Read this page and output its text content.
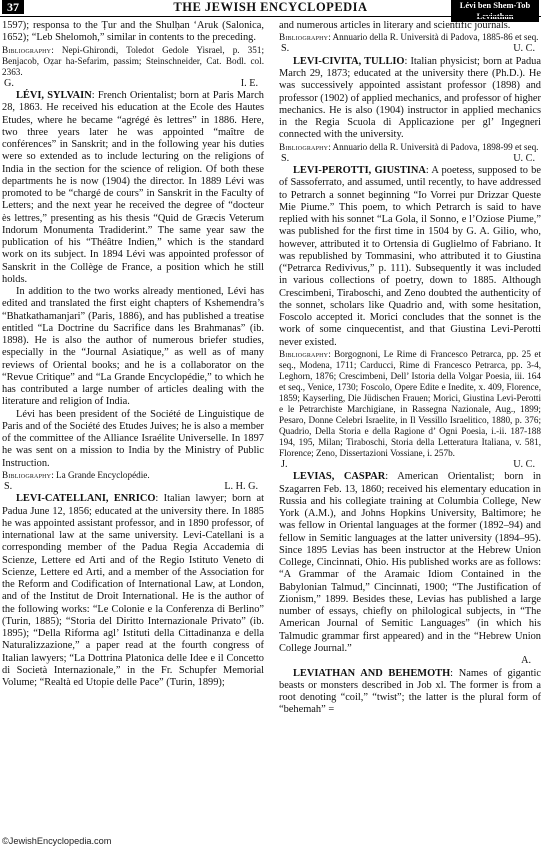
37	THE JEWISH ENCYCLOPEDIA	Lévi ben Shem-Tob
Leviathan

1597); responsa to the Ṭur and the Shulḥan ‘Aruk (Salonica, 1652); “Leb Shelomoh,” similar in contents to the preceding.

Bibliography: Nepi-Ghirondi, Toledot Gedole Yisrael, p. 351; Benjacob, Oẓar ha-Sefarim, passim; Steinschneider, Cat. Bodl. col. 2363.

G.	I. E.

LÉVI, SYLVAIN: French Orientalist; born at Paris March 28, 1863. He received his education at the Ecole des Hautes Etudes, where he became “agrégé ès lettres” in 1886. Here, two three years later he was appointed “maître de conférences” in Sanskrit; and in the following year his duties were so extended as to include lecturing on the religions of India in the section for the science of religion. Of both these departments he is now (1904) the director. In 1889 Lévi was promoted to be “chargé de cours” in Sanskrit in the Faculty of Letters; and the next year he received the degree of “docteur ès lettres,” presenting as his thesis “Quid de Græcis Veterum Indorum Monumenta Tradiderint.” The same year saw the publication of his “Théâtre Indien,” which is the standard work on its subject. In 1894 Lévi was appointed professor of Sanskrit in the Collège de France, a position which he still holds.

In addition to the two works already mentioned, Lévi has edited and translated the first eight chapters of Kshemendra’s “Bhatkathamanjari” (Paris, 1886), and has published a treatise entitled “La Doctrine du Sacrifice dans les Brahmanas” (ib. 1898). He is also the author of numerous briefer studies, especially in the “Journal Asiatique,” as well as of many reviews of Oriental books; and he is a collaborator on the “Revue Critique” and “La Grande Encyclopédie,” to which he has contributed a large number of articles dealing with the literature and religion of India.

Lévi has been president of the Société de Linguistique de Paris and of the Société des Etudes Juives; he is also a member of the committee of the Alliance Israélite Universelle. In 1897 he was sent on a mission to India by the Ministry of Public Instruction.

Bibliography: La Grande Encyclopédie.

S.	L. H. G.

LEVI-CATELLANI, ENRICO: Italian lawyer; born at Padua June 12, 1856; educated at the university there. In 1885 he was appointed assistant professor, and in 1890 professor, of international law at the same university. Levi-Catellani is a corresponding member of the Padua Regia Accademia di Scienze, Lettere ed Arti and of the Regio Istituto Veneto di Scienze, Lettere ed Arti, and a member of the Association for the Reform and Codification of International Law, at London, and of the Institut de Droit International. He is the author of the following works: “Le Colonie e la Conferenza di Berlino” (Turin, 1885); “Storia del Diritto Internazionale Privato” (ib. 1895); “Della Riforma agl’ Istituti della Cittadinanza e della Naturalizzazione,” a paper read at the fourth congress of Italian lawyers; “La Dottrina Platonica delle Idee e il Concetto di Società Internazionale,” in the Fr. Schupfer Memorial Volume; “Realtà ed Utopie delle Pace” (Turin, 1899);

and numerous articles in literary and scientific journals.

Bibliography: Annuario della R. Università di Padova, 1885-86 et seq.

S.	U. C.

LEVI-CIVITA, TULLIO: Italian physicist; born at Padua March 29, 1873; educated at the university there (Ph.D.). He was successively appointed assistant professor (1898) and professor (1902) of applied mechanics, and professor of higher mechanics. He is also (1904) instructor in applied mechanics in the Regia Scuola di Applicazione per gl’ Ingegneri connected with the university.

Bibliography: Annuario della R. Università di Padova, 1898-99 et seq.

S.	U. C.

LEVI-PEROTTI, GIUSTINA: A poetess, supposed to be of Sassoferrato, and assumed, until recently, to have addressed to Petrarch a sonnet beginning “Io Vorrei pur Drizzar Queste Mie Piume.” This poem, to which Petrarch is said to have replied with his sonnet “La Gola, il Sonno, e l’Oziose Piume,” was published for the first time in 1504 by G. A. Gilio, who, however, attributed it to Ortensia di Guglielmo of Fabriano. It was republished by Tommasini, who attributed it to Giustina (“Petrarca Redivivus,” p. 111). Subsequently it was included in various collections of poetry, down to 1885. Although Crescimbeni, Tiraboschi, and Zeno doubted the authenticity of the sonnet, scholars like Quadrio and, with some hesitation, Foscolo accepted it. Morici concludes that the sonnet is the work of some cinquecentist, and that Giustina Levi-Perotti never existed.

Bibliography: Borgognoni, Le Rime di Francesco Petrarca, pp. 25 et seq., Modena, 1711; Carducci, Rime di Francesco Petrarca, pp. 3-4, Leghorn, 1876; Crescimbeni, Dell’ Istoria della Volgar Poesia, iii. 164 et seq., Venice, 1730; Foscolo, Opere Edite e Inedite, x. 409, Florence, 1859; Kayserling, Die Jüdischen Frauen; Morici, Giustina Levi-Perotti e le Petrarchiste Marchigiane, in Rassegna Nazionale, Aug., 1899; Pesaro, Donne Celebri Israelite, in Il Vessillo Israelitico, 1880, p. 376; Quadrio, Della Storia e della Ragione d’ Ogni Poesia, i.-ii. 187-188 194, 195, Milan; Tiraboschi, Storia della Letteratura Italiana, v. 581, Florence; Zeno, Dissertazioni Vossiane, i. 257b.

J.	U. C.

LEVIAS, CASPAR: American Orientalist; born in Szagarren Feb. 13, 1860; received his elementary education in Russia and his collegiate training at Columbia College, New York (A.M.), and Johns Hopkins University, Baltimore; he was fellow in Oriental languages at the former (1892–94) and fellow in Semitic languages at the latter university (1894–95). Since 1895 Levias has been instructor at the Hebrew Union College, Cincinnati, Ohio. His published works are as follows: “A Grammar of the Aramaic Idiom Contained in the Babylonian Talmud,” Cincinnati, 1900; “The Justification of Zionism,” 1899. Besides these, Levias has published a large number of essays, chiefly on philological subjects, in “The American Journal of Semitic Languages” (in which his Talmudic grammar first appeared) and in the “Hebrew Union College Journal.”

A.

LEVIATHAN AND BEHEMOTH: Names of gigantic beasts or monsters described in Job xl. The former is from a root denoting “coil,” “twist”; the latter is the plural form of “behemah” =

©JewishEncyclopedia.com
